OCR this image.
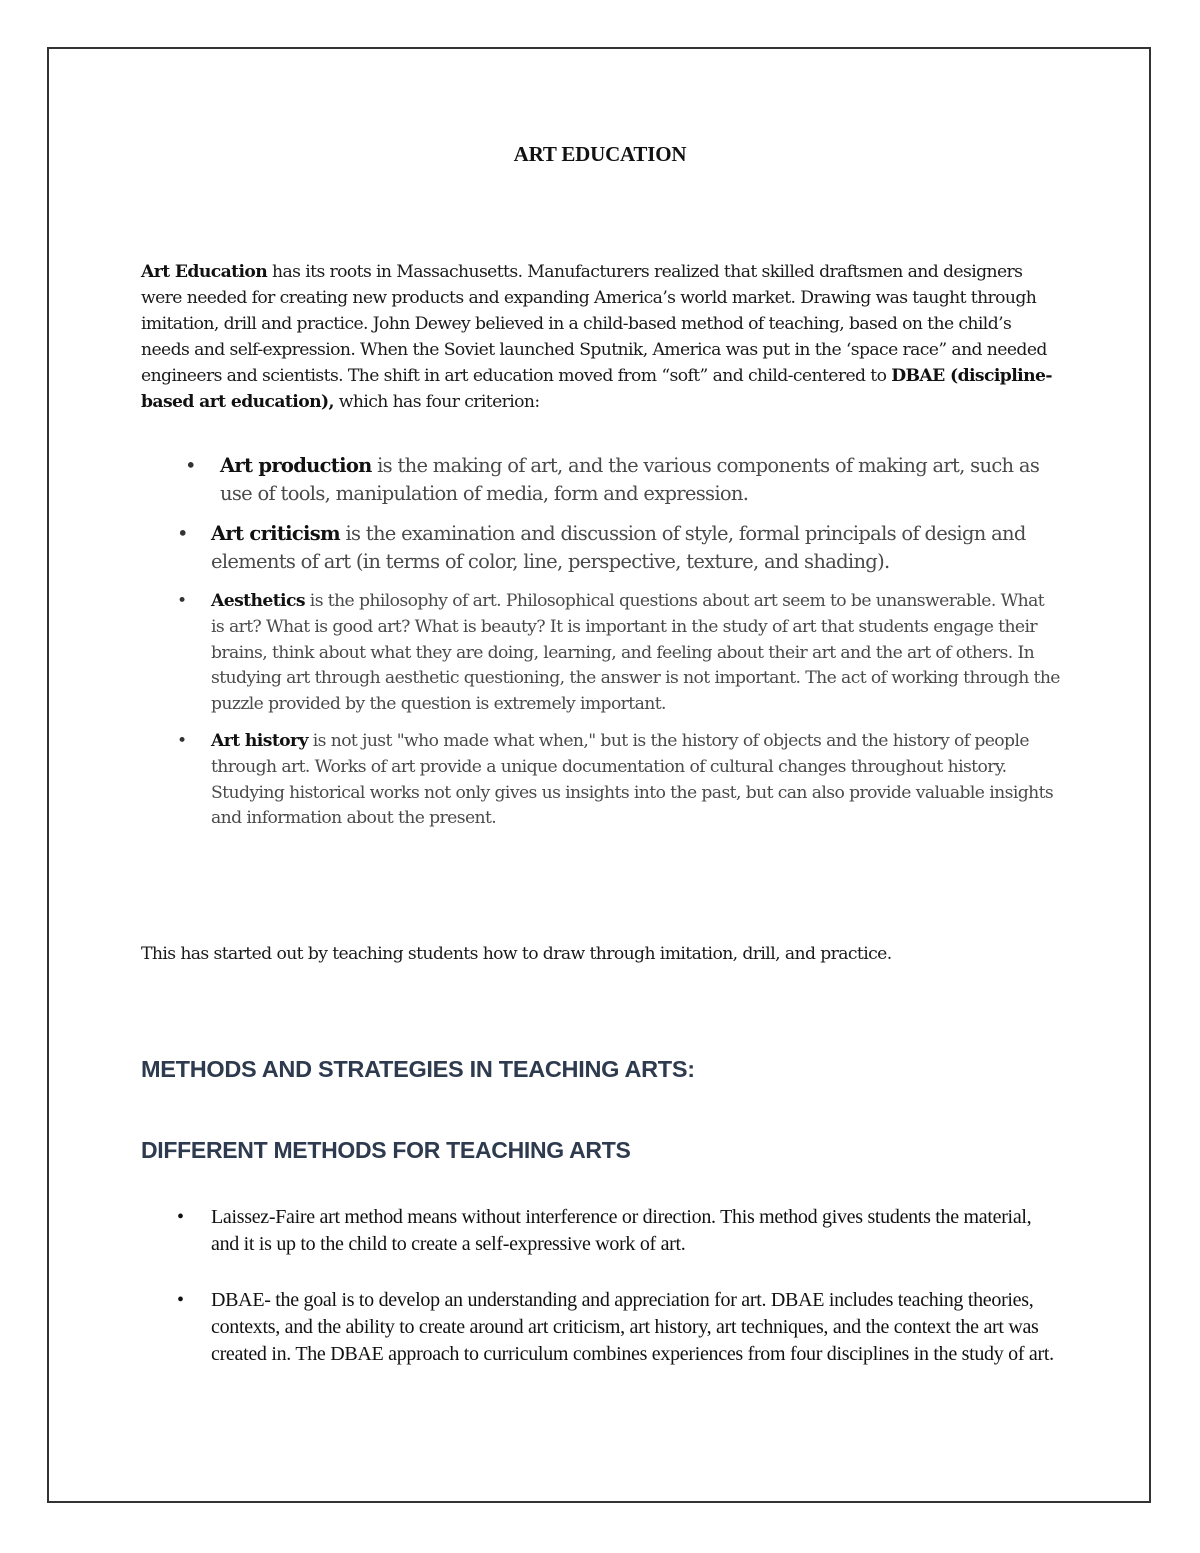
ART EDUCATION

Art Education has its roots in Massachusetts. Manufacturers realized that skilled draftsmen and designers were needed for creating new products and expanding America’s world market. Drawing was taught through imitation, drill and practice. John Dewey believed in a child-based method of teaching, based on the child’s needs and self-expression. When the Soviet launched Sputnik, America was put in the ‘space race” and needed engineers and scientists. The shift in art education moved from “soft” and child-centered to DBAE (discipline-based art education), which has four criterion:

• Art production is the making of art, and the various components of making art, such as use of tools, manipulation of media, form and expression.
• Art criticism is the examination and discussion of style, formal principals of design and elements of art (in terms of color, line, perspective, texture, and shading).
• Aesthetics is the philosophy of art. Philosophical questions about art seem to be unanswerable. What is art? What is good art? What is beauty? It is important in the study of art that students engage their brains, think about what they are doing, learning, and feeling about their art and the art of others. In studying art through aesthetic questioning, the answer is not important. The act of working through the puzzle provided by the question is extremely important.
• Art history is not just "who made what when," but is the history of objects and the history of people through art. Works of art provide a unique documentation of cultural changes throughout history. Studying historical works not only gives us insights into the past, but can also provide valuable insights and information about the present.

This has started out by teaching students how to draw through imitation, drill, and practice.

METHODS AND STRATEGIES IN TEACHING ARTS:
DIFFERENT METHODS FOR TEACHING ARTS
• Laissez-Faire art method means without interference or direction. This method gives students the material, and it is up to the child to create a self-expressive work of art.
• DBAE- the goal is to develop an understanding and appreciation for art. DBAE includes teaching theories, contexts, and the ability to create around art criticism, art history, art techniques, and the context the art was created in. The DBAE approach to curriculum combines experiences from four disciplines in the study of art.
